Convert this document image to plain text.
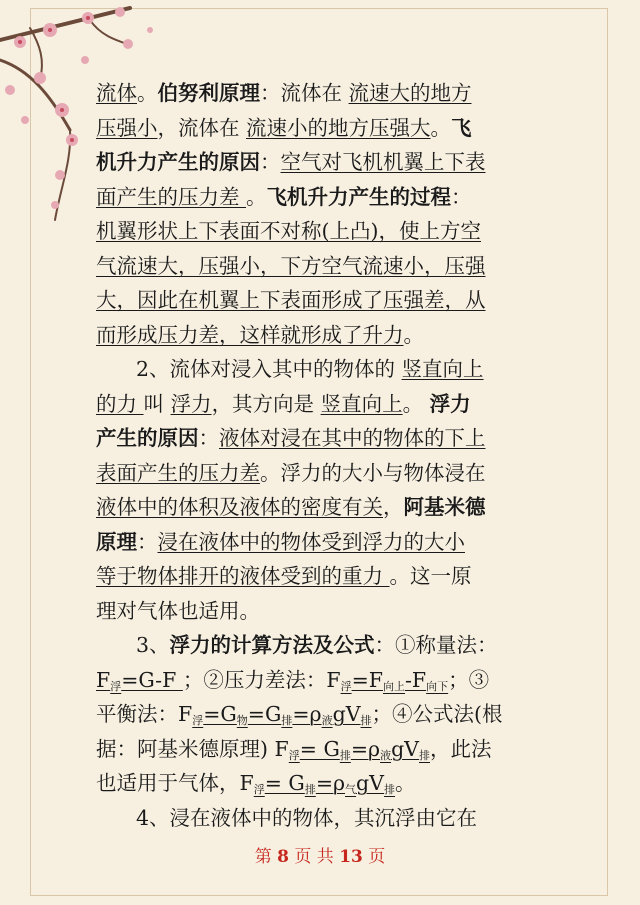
流体。伯努利原理：流体在 流速大的地方
压强小，流体在 流速小的地方压强大。飞
机升力产生的原因：空气对飞机机翼上下表
面产生的压力差 。飞机升力产生的过程：
机翼形状上下表面不对称(上凸)，使上方空
气流速大，压强小，下方空气流速小，压强
大，因此在机翼上下表面形成了压强差，从
而形成压力差，这样就形成了升力。
2、流体对浸入其中的物体的 竖直向上
的力 叫 浮力，其方向是 竖直向上。 浮力
产生的原因：液体对浸在其中的物体的下上
表面产生的压力差。浮力的大小与物体浸在
液体中的体积及液体的密度有关，阿基米德
原理：浸在液体中的物体受到浮力的大小
等于物体排开的液体受到的重力 。这一原
理对气体也适用。
3、浮力的计算方法及公式：①称量法：
$F_浮=G-F$ ；②压力差法：$F_浮=F_{向上}-F_{向下}$；③
平衡法：$F_浮=G_物=G_排=\rho_液gV_排$；④公式法(根
据：阿基米德原理) $F_浮= G_排=\rho_液gV_排$，此法
也适用于气体，$F_浮= G_排=\rho_气gV_排$。
4、浸在液体中的物体，其沉浮由它在
第 8 页 共 13 页
